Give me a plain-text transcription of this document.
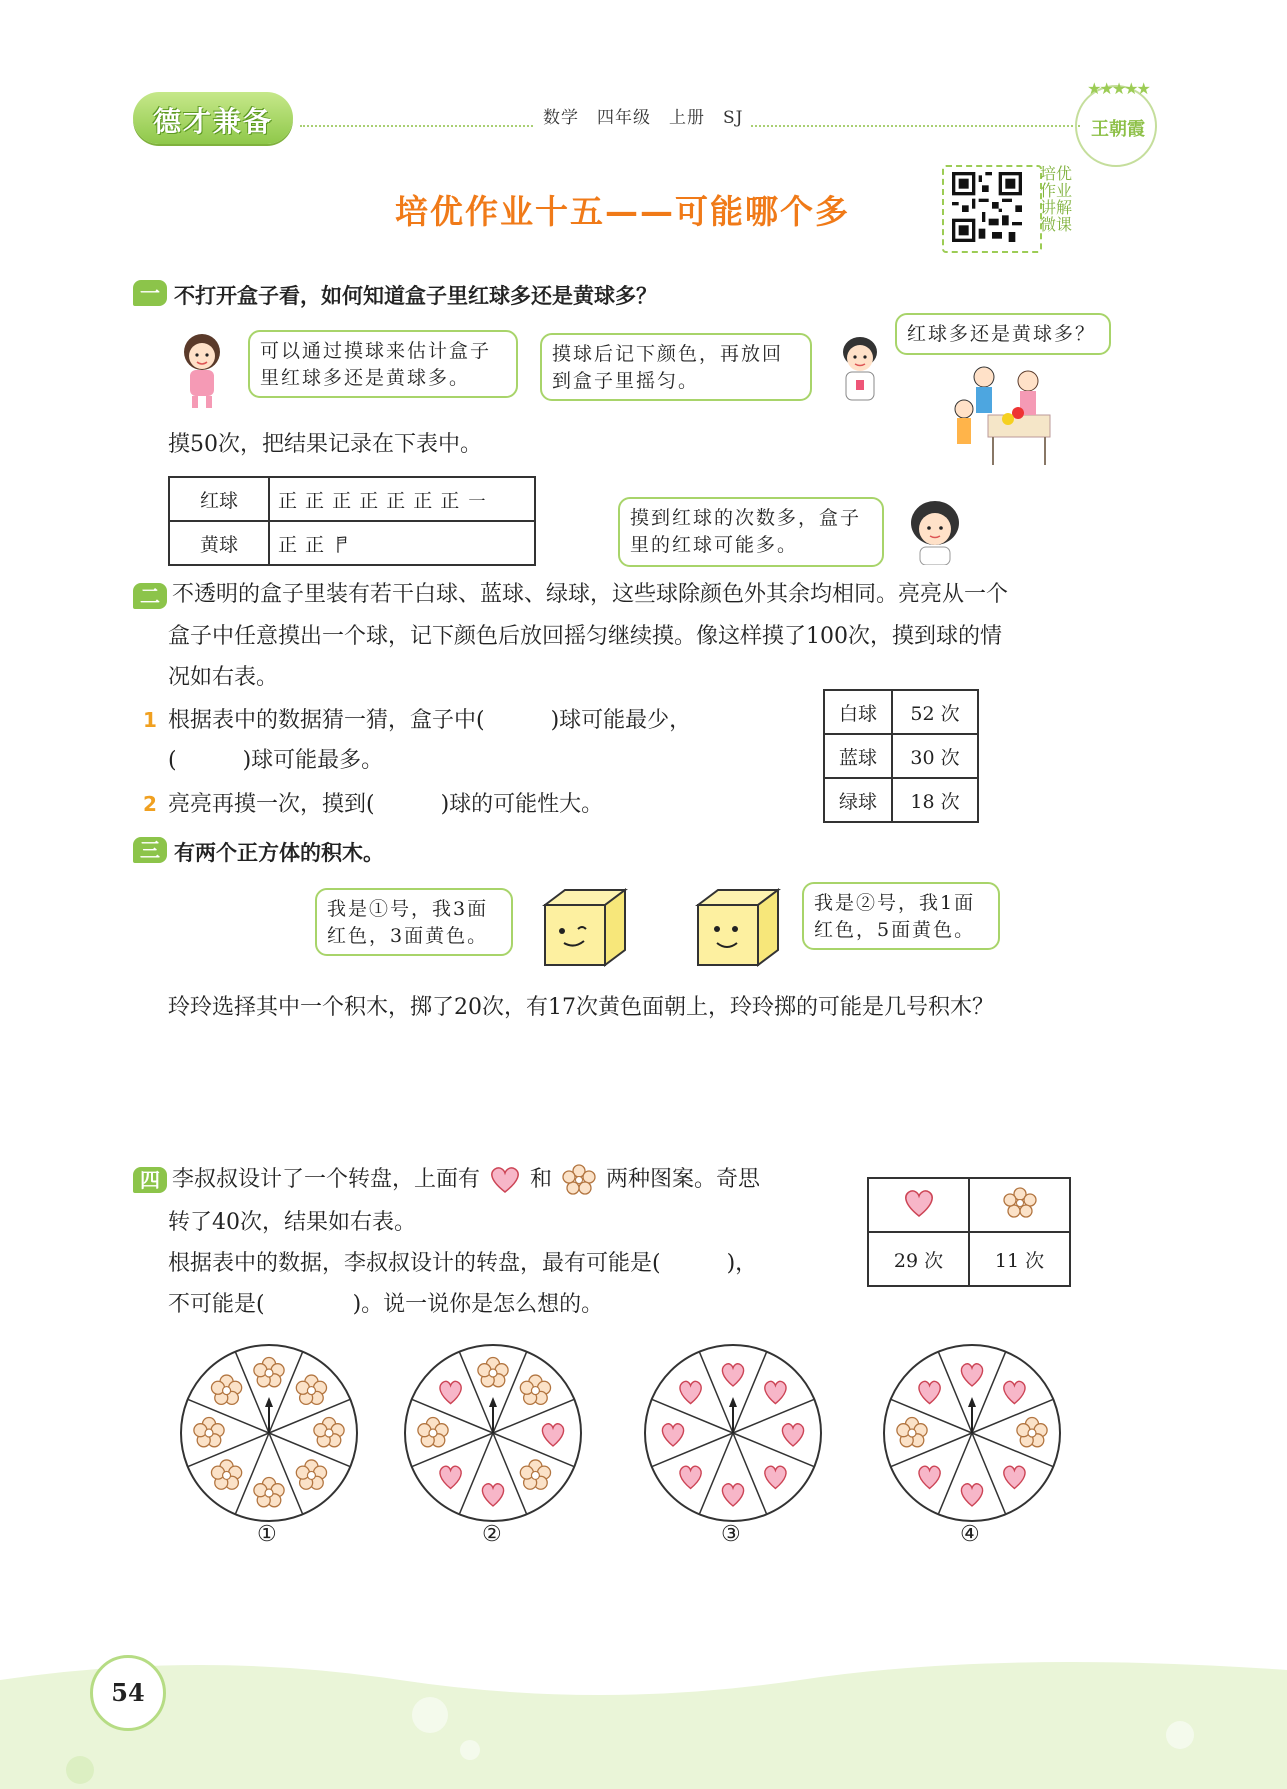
德才兼备	数学　四年级　上册　SJ
★★★★★
王朝霞
培优作业十五——可能哪个多
培优作业讲解微课
一 不打开盒子看，如何知道盒子里红球多还是黄球多？
可以通过摸球来估计盒子里红球多还是黄球多。
摸球后记下颜色，再放回到盒子里摇匀。
红球多还是黄球多？
摸50次，把结果记录在下表中。
红球	正 正 正 正 正 正 正 ㇐
黄球	正 正 𠁣
摸到红球的次数多，盒子里的红球可能多。
二 不透明的盒子里装有若干白球、蓝球、绿球，这些球除颜色外其余均相同。亮亮从一个
盒子中任意摸出一个球，记下颜色后放回摇匀继续摸。像这样摸了100次，摸到球的情
况如右表。
1 根据表中的数据猜一猜，盒子中(　　　)球可能最少，
(　　　)球可能最多。
2 亮亮再摸一次，摸到(　　　)球的可能性大。
白球	52 次
蓝球	30 次
绿球	18 次
三 有两个正方体的积木。
我是①号，我3面红色，3面黄色。
我是②号，我1面红色，5面黄色。
玲玲选择其中一个积木，掷了20次，有17次黄色面朝上，玲玲掷的可能是几号积木？
四 李叔叔设计了一个转盘，上面有 和 两种图案。奇思
转了40次，结果如右表。
根据表中的数据，李叔叔设计的转盘，最有可能是(　　　)，
不可能是(　　　　)。说一说你是怎么想的。

29 次	11 次
①	②	③	④
54
